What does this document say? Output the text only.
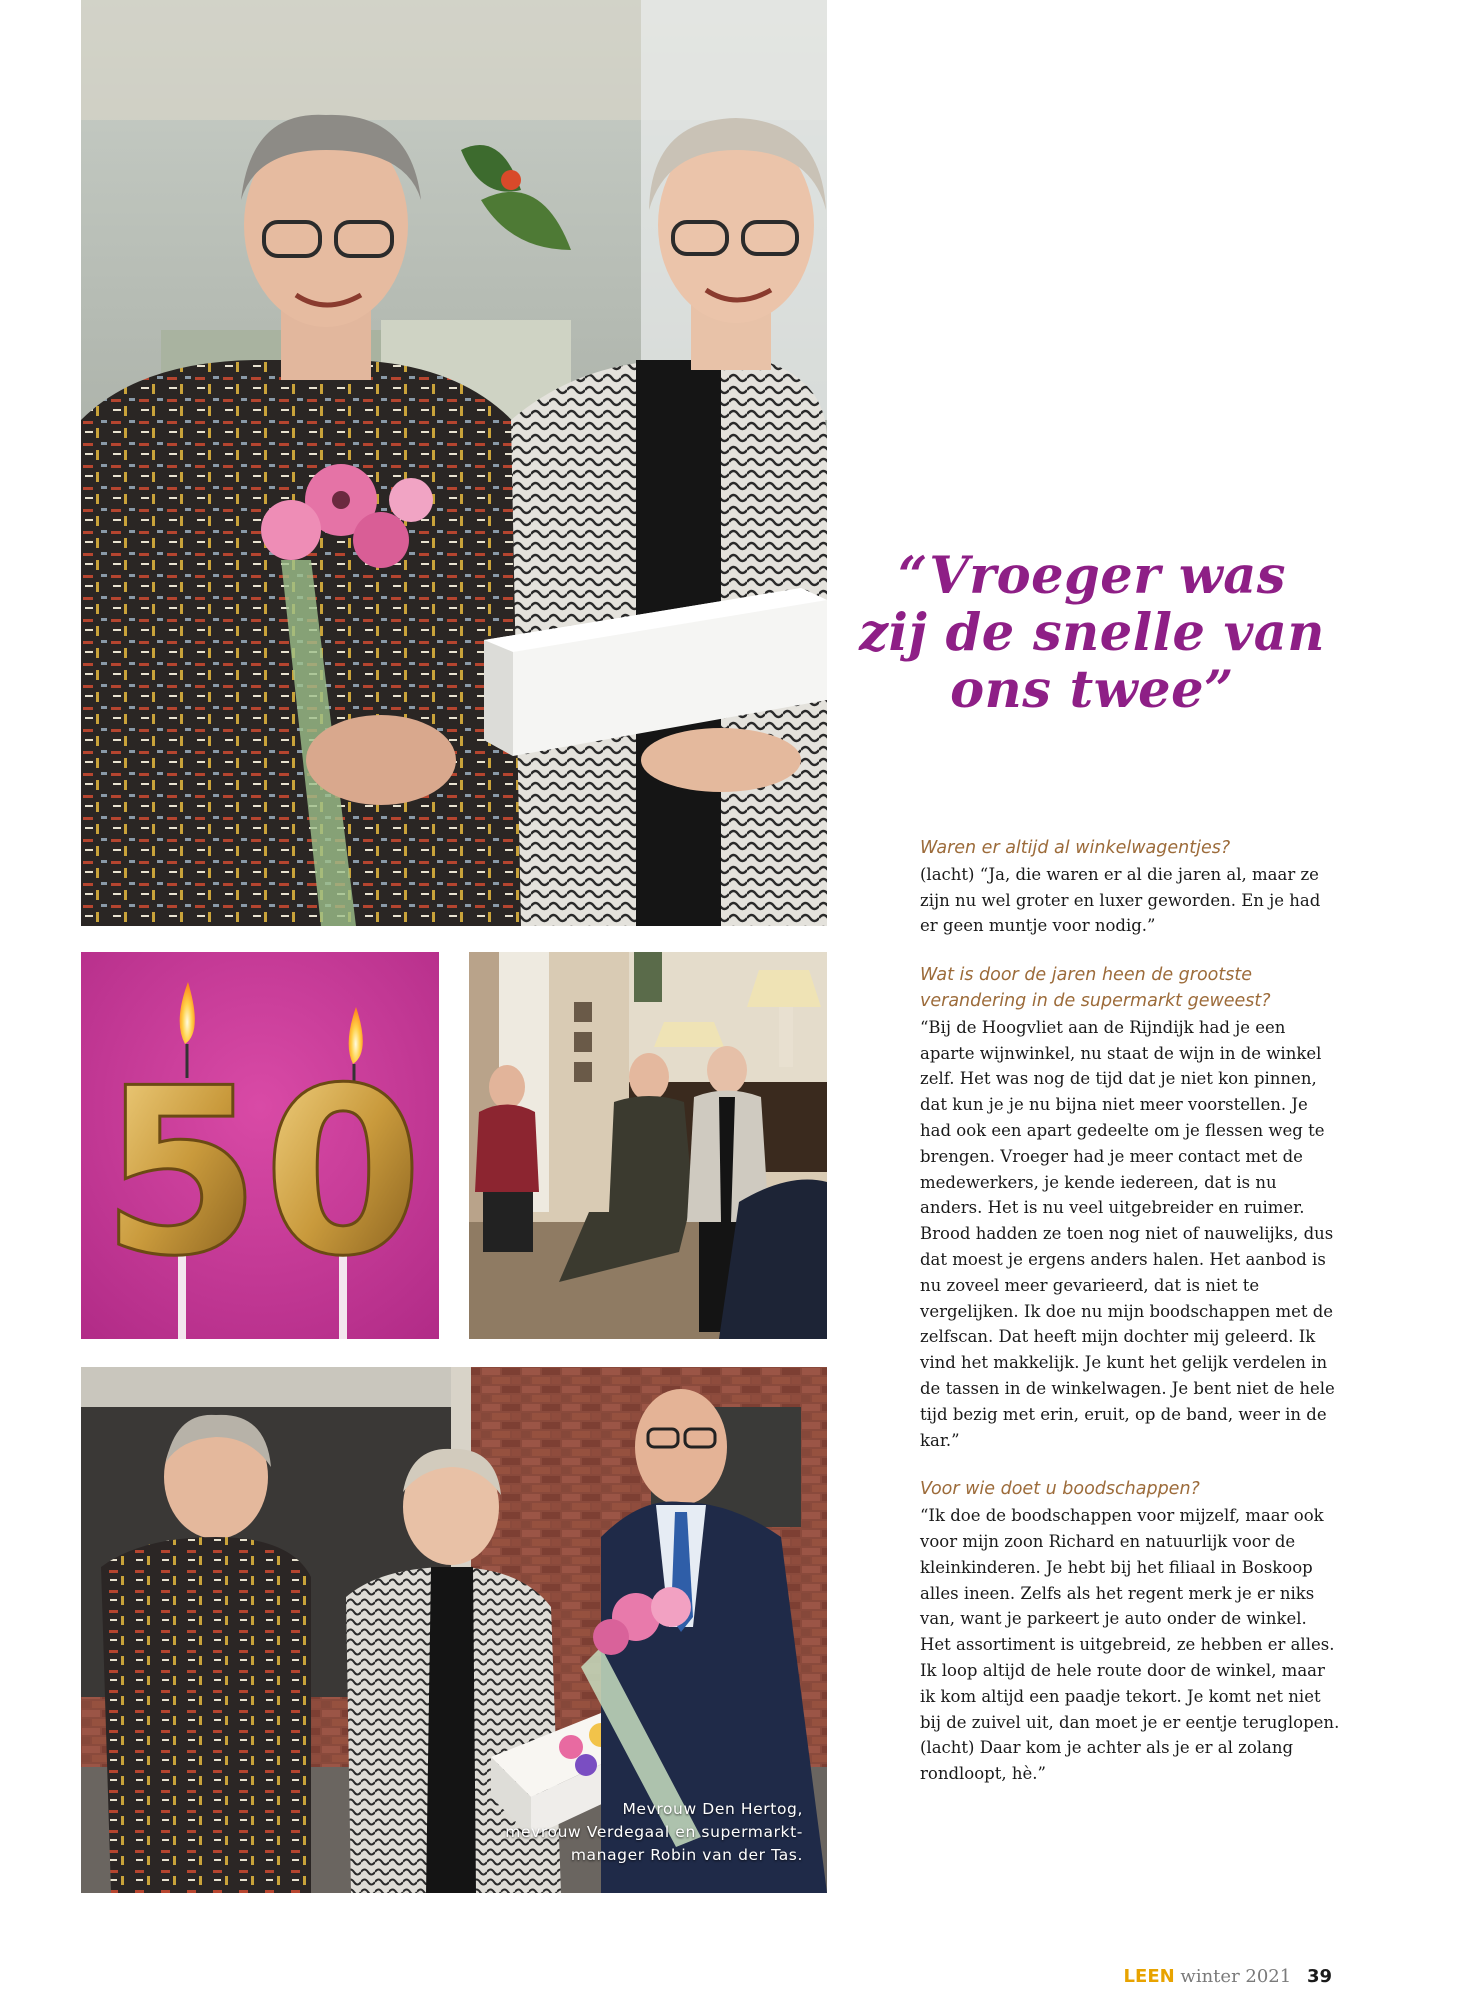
5 0
Mevrouw Den Hertog,
mevrouw Verdegaal en supermarkt-
manager Robin van der Tas.
“Vroeger was
zij de snelle van
ons twee”
Waren er altijd al winkelwagentjes?
(lacht) “Ja, die waren er al die jaren al, maar ze zijn nu wel groter en luxer geworden. En je had er geen muntje voor nodig.”
Wat is door de jaren heen de grootste verandering in de supermarkt geweest?
“Bij de Hoogvliet aan de Rijndijk had je een aparte wijnwinkel, nu staat de wijn in de winkel zelf. Het was nog de tijd dat je niet kon pinnen, dat kun je je nu bijna niet meer voorstellen. Je had ook een apart gedeelte om je flessen weg te brengen. Vroeger had je meer contact met de medewerkers, je kende iedereen, dat is nu anders. Het is nu veel uitgebreider en ruimer. Brood hadden ze toen nog niet of nauwelijks, dus dat moest je ergens anders halen. Het aanbod is nu zoveel meer gevarieerd, dat is niet te vergelijken. Ik doe nu mijn boodschappen met de zelfscan. Dat heeft mijn dochter mij geleerd. Ik vind het makkelijk. Je kunt het gelijk verdelen in de tassen in de winkelwagen. Je bent niet de hele tijd bezig met erin, eruit, op de band, weer in de kar.”
Voor wie doet u boodschappen?
“Ik doe de boodschappen voor mijzelf, maar ook voor mijn zoon Richard en natuurlijk voor de kleinkinderen. Je hebt bij het filiaal in Boskoop alles ineen. Zelfs als het regent merk je er niks van, want je parkeert je auto onder de winkel. Het assortiment is uitgebreid, ze hebben er alles. Ik loop altijd de hele route door de winkel, maar ik kom altijd een paadje tekort. Je komt net niet bij de zuivel uit, dan moet je er eentje teruglopen. (lacht) Daar kom je achter als je er al zolang rondloopt, hè.”
LEEN winter 2021 39
